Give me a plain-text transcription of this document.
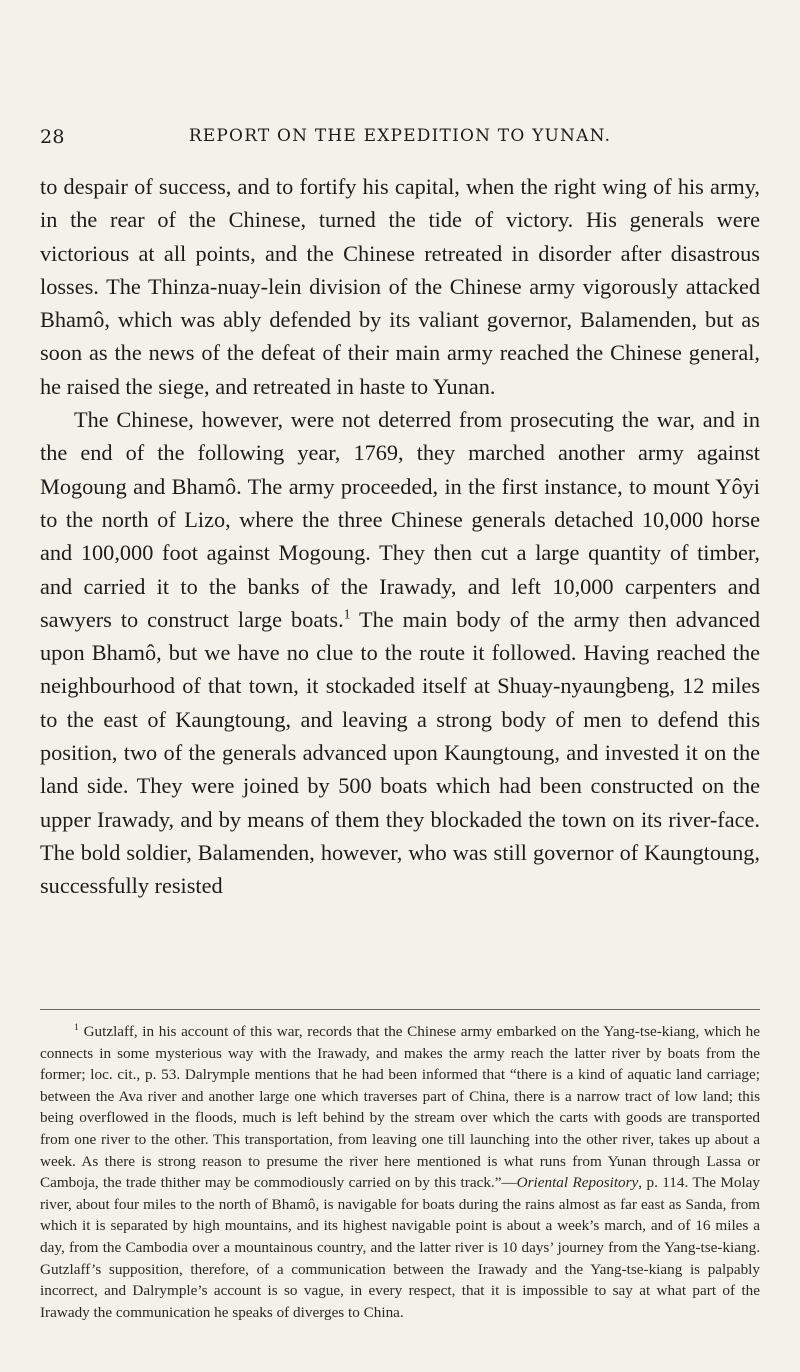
28	REPORT ON THE EXPEDITION TO YUNAN.

to despair of success, and to fortify his capital, when the right wing of his army, in the rear of the Chinese, turned the tide of victory. His generals were victorious at all points, and the Chinese retreated in disorder after disastrous losses. The Thinza-nuay-lein division of the Chinese army vigorously attacked Bhamô, which was ably defended by its valiant governor, Balamenden, but as soon as the news of the defeat of their main army reached the Chinese general, he raised the siege, and retreated in haste to Yunan.

The Chinese, however, were not deterred from prosecuting the war, and in the end of the following year, 1769, they marched another army against Mogoung and Bhamô. The army proceeded, in the first instance, to mount Yôyi to the north of Lizo, where the three Chinese generals detached 10,000 horse and 100,000 foot against Mogoung. They then cut a large quantity of timber, and carried it to the banks of the Irawady, and left 10,000 carpenters and sawyers to construct large boats.$^1$ The main body of the army then advanced upon Bhamô, but we have no clue to the route it followed. Having reached the neighbourhood of that town, it stockaded itself at Shuay-nyaungbeng, 12 miles to the east of Kaungtoung, and leaving a strong body of men to defend this position, two of the generals advanced upon Kaungtoung, and invested it on the land side. They were joined by 500 boats which had been constructed on the upper Irawady, and by means of them they blockaded the town on its river-face. The bold soldier, Balamenden, however, who was still governor of Kaungtoung, successfully resisted

$^1$ Gutzlaff, in his account of this war, records that the Chinese army embarked on the Yang-tse-kiang, which he connects in some mysterious way with the Irawady, and makes the army reach the latter river by boats from the former; loc. cit., p. 53. Dalrymple mentions that he had been informed that “there is a kind of aquatic land carriage; between the Ava river and another large one which traverses part of China, there is a narrow tract of low land; this being overflowed in the floods, much is left behind by the stream over which the carts with goods are transported from one river to the other. This transportation, from leaving one till launching into the other river, takes up about a week. As there is strong reason to presume the river here mentioned is what runs from Yunan through Lassa or Camboja, the trade thither may be commodiously carried on by this track.”—Oriental Repository, p. 114. The Molay river, about four miles to the north of Bhamô, is navigable for boats during the rains almost as far east as Sanda, from which it is separated by high mountains, and its highest navigable point is about a week’s march, and of 16 miles a day, from the Cambodia over a mountainous country, and the latter river is 10 days’ journey from the Yang-tse-kiang. Gutzlaff’s supposition, therefore, of a communication between the Irawady and the Yang-tse-kiang is palpably incorrect, and Dalrymple’s account is so vague, in every respect, that it is impossible to say at what part of the Irawady the communication he speaks of diverges to China.
